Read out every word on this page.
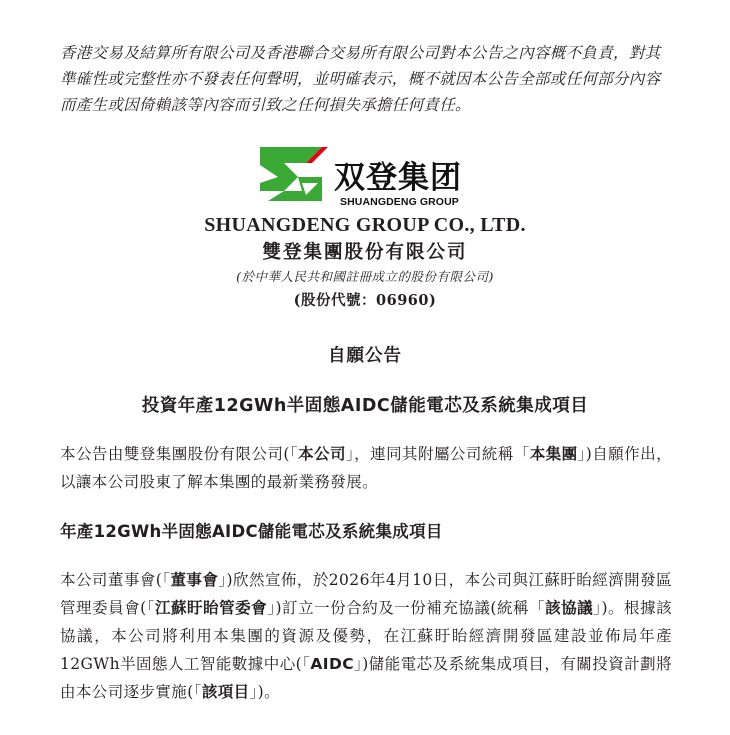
香港交易及結算所有限公司及香港聯合交易所有限公司對本公告之內容概不負責，對其準確性或完整性亦不發表任何聲明，並明確表示，概不就因本公告全部或任何部分內容而產生或因倚賴該等內容而引致之任何損失承擔任何責任。
双登集团
SHUANGDENG GROUP
SHUANGDENG GROUP CO., LTD.
雙登集團股份有限公司
(於中華人民共和國註冊成立的股份有限公司)
(股份代號：06960)
自願公告
投資年產12GWh半固態AIDC儲能電芯及系統集成項目
本公告由雙登集團股份有限公司(「本公司」，連同其附屬公司統稱「本集團」)自願作出，以讓本公司股東了解本集團的最新業務發展。
年產12GWh半固態AIDC儲能電芯及系統集成項目
本公司董事會(「董事會」)欣然宣佈，於2026年4月10日，本公司與江蘇盱眙經濟開發區管理委員會(「江蘇盱眙管委會」)訂立一份合約及一份補充協議(統稱「該協議」)。根據該協議，本公司將利用本集團的資源及優勢，在江蘇盱眙經濟開發區建設並佈局年產12GWh半固態人工智能數據中心(「AIDC」)儲能電芯及系統集成項目，有關投資計劃將由本公司逐步實施(「該項目」)。
